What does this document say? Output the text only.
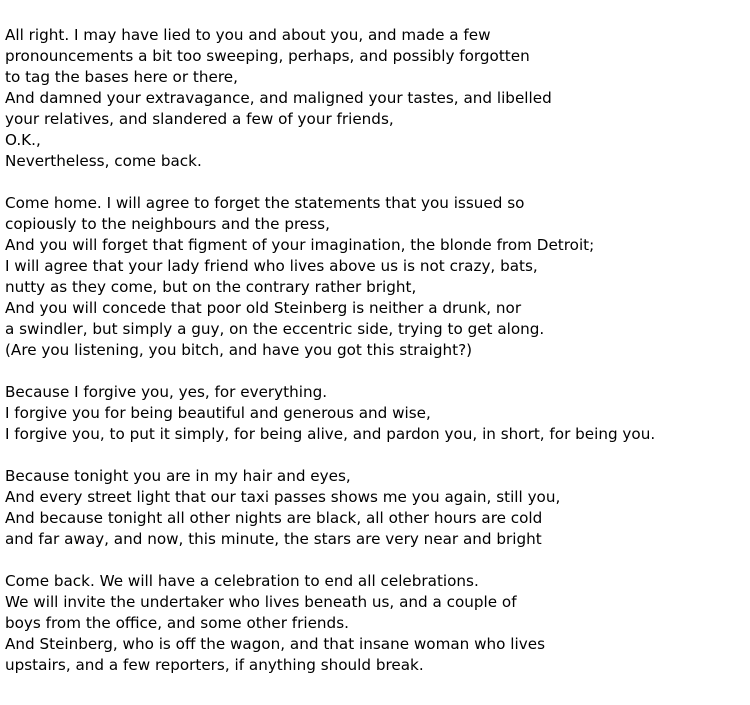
All right. I may have lied to you and about you, and made a few
pronouncements a bit too sweeping, perhaps, and possibly forgotten
to tag the bases here or there,
And damned your extravagance, and maligned your tastes, and libelled
your relatives, and slandered a few of your friends,
O.K.,
Nevertheless, come back.
Come home. I will agree to forget the statements that you issued so
copiously to the neighbours and the press,
And you will forget that figment of your imagination, the blonde from Detroit;
I will agree that your lady friend who lives above us is not crazy, bats,
nutty as they come, but on the contrary rather bright,
And you will concede that poor old Steinberg is neither a drunk, nor
a swindler, but simply a guy, on the eccentric side, trying to get along.
(Are you listening, you bitch, and have you got this straight?)
Because I forgive you, yes, for everything.
I forgive you for being beautiful and generous and wise,
I forgive you, to put it simply, for being alive, and pardon you, in short, for being you.
Because tonight you are in my hair and eyes,
And every street light that our taxi passes shows me you again, still you,
And because tonight all other nights are black, all other hours are cold
and far away, and now, this minute, the stars are very near and bright
Come back. We will have a celebration to end all celebrations.
We will invite the undertaker who lives beneath us, and a couple of
boys from the office, and some other friends.
And Steinberg, who is off the wagon, and that insane woman who lives
upstairs, and a few reporters, if anything should break.
